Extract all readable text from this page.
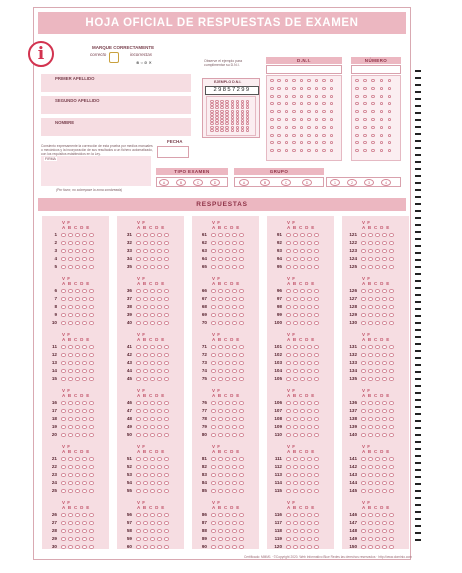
HOJA OFICIAL DE RESPUESTAS DE EXAMEN
i	MARQUE CORRECTAMENTE
correcto	incorrectas
⊗ ○ ⊘ ✕	Observe el ejemplo para cumplimentar su D.N.I.
PRIMER APELLIDO
SEGUNDO APELLIDO
NOMBRE
Consiento expresamente la corrección de esta prueba por medios manuales o mecánicos y la incorporación de sus resultados a un fichero automatizado, con los requisitos establecidos en la Ley.
FIRMA
(Por favor, no sobrepase la zona sombreada)
FECHA
EJEMPLO D.N.I.
29857299
D.N.I.	NÚMERO
TIPO EXAMEN
A	B	C	D
GRUPO
A	B	C	D	1	2	3	4
RESPUESTAS
V F
A B C D E
1
2
3
4
5
V F
A B C D E
6
7
8
9
10
V F
A B C D E
11
12
13
14
15
V F
A B C D E
16
17
18
19
20
V F
A B C D E
21
22
23
24
25
V F
A B C D E
26
27
28
29
30
V F
A B C D E
31
32
33
34
35
V F
A B C D E
36
37
38
39
40
V F
A B C D E
41
42
43
44
45
V F
A B C D E
46
47
48
49
50
V F
A B C D E
51
52
53
54
55
V F
A B C D E
56
57
58
59
60
V F
A B C D E
61
62
63
64
65
V F
A B C D E
66
67
68
69
70
V F
A B C D E
71
72
73
74
75
V F
A B C D E
76
77
78
79
80
V F
A B C D E
81
82
83
84
85
V F
A B C D E
86
87
88
89
90
V F
A B C D E
91
92
93
94
95
V F
A B C D E
96
97
98
99
100
V F
A B C D E
101
102
103
104
105
V F
A B C D E
106
107
108
109
110
V F
A B C D E
111
112
113
114
115
V F
A B C D E
116
117
118
119
120
V F
A B C D E
121
122
123
124
125
V F
A B C D E
126
127
128
129
130
V F
A B C D E
131
132
133
134
135
V F
A B C D E
136
137
138
139
140
V F
A B C D E
141
142
143
144
145
V F
A B C D E
146
147
148
149
150
Certificado: MMM1 · ©Copyright 2020. Web Informativo Blue Redes las derechos reservados · http://www.dominio.com
